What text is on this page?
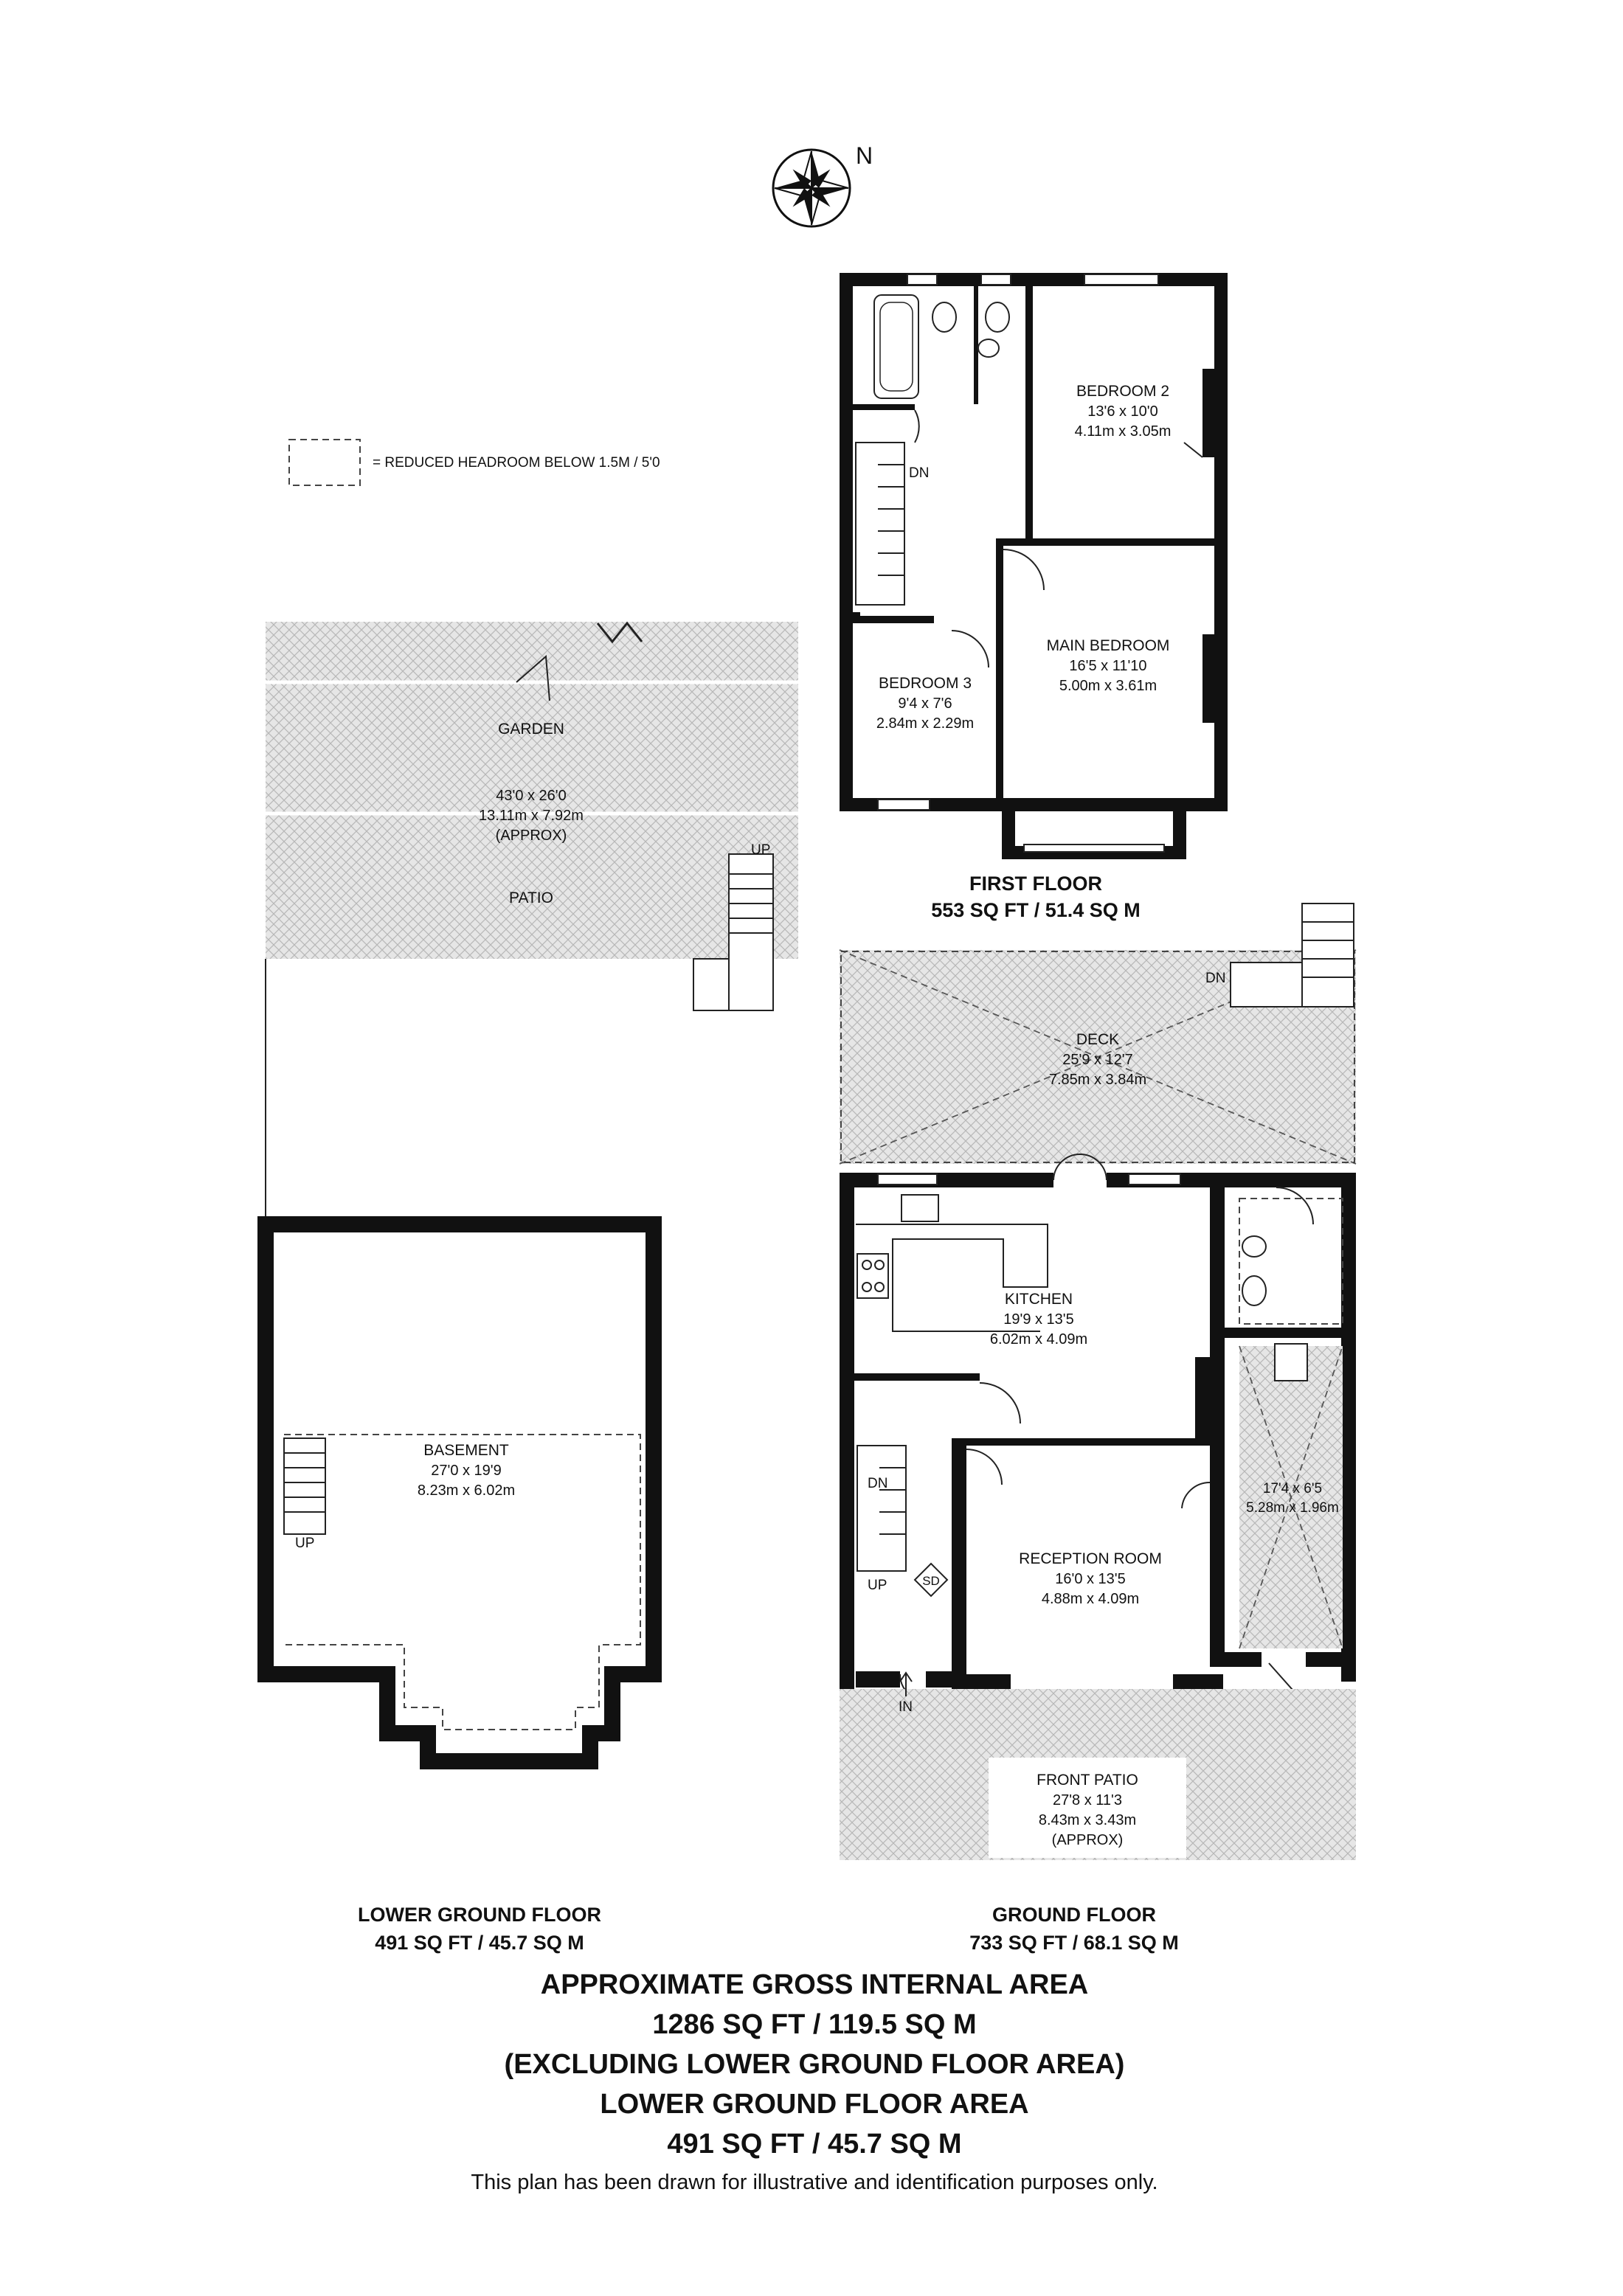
N
= REDUCED HEADROOM BELOW 1.5M / 5'0
GARDEN
43'0 x 26'0
13.11m x 7.92m
(APPROX)
PATIO
UP
BEDROOM 2
13'6 x 10'0
4.11m x 3.05m
MAIN BEDROOM
16'5 x 11'10
5.00m x 3.61m
BEDROOM 3
9'4 x 7'6
2.84m x 2.29m
DN
FIRST FLOOR
553 SQ FT / 51.4 SQ M
BASEMENT
27'0 x 19'9
8.23m x 6.02m
UP
LOWER GROUND FLOOR
491 SQ FT / 45.7 SQ M
SD
DECK
25'9 x 12'7
7.85m x 3.84m
DN
KITCHEN
19'9 x 13'5
6.02m x 4.09m
17'4 x 6'5
5.28m x 1.96m
RECEPTION ROOM
16'0 x 13'5
4.88m x 4.09m
FRONT PATIO
27'8 x 11'3
8.43m x 3.43m
(APPROX)
DN
UP
IN
GROUND FLOOR
733 SQ FT / 68.1 SQ M
APPROXIMATE GROSS INTERNAL AREA
1286 SQ FT / 119.5 SQ M
(EXCLUDING LOWER GROUND FLOOR AREA)
LOWER GROUND FLOOR AREA
491 SQ FT / 45.7 SQ M
This plan has been drawn for illustrative and identification purposes only.
